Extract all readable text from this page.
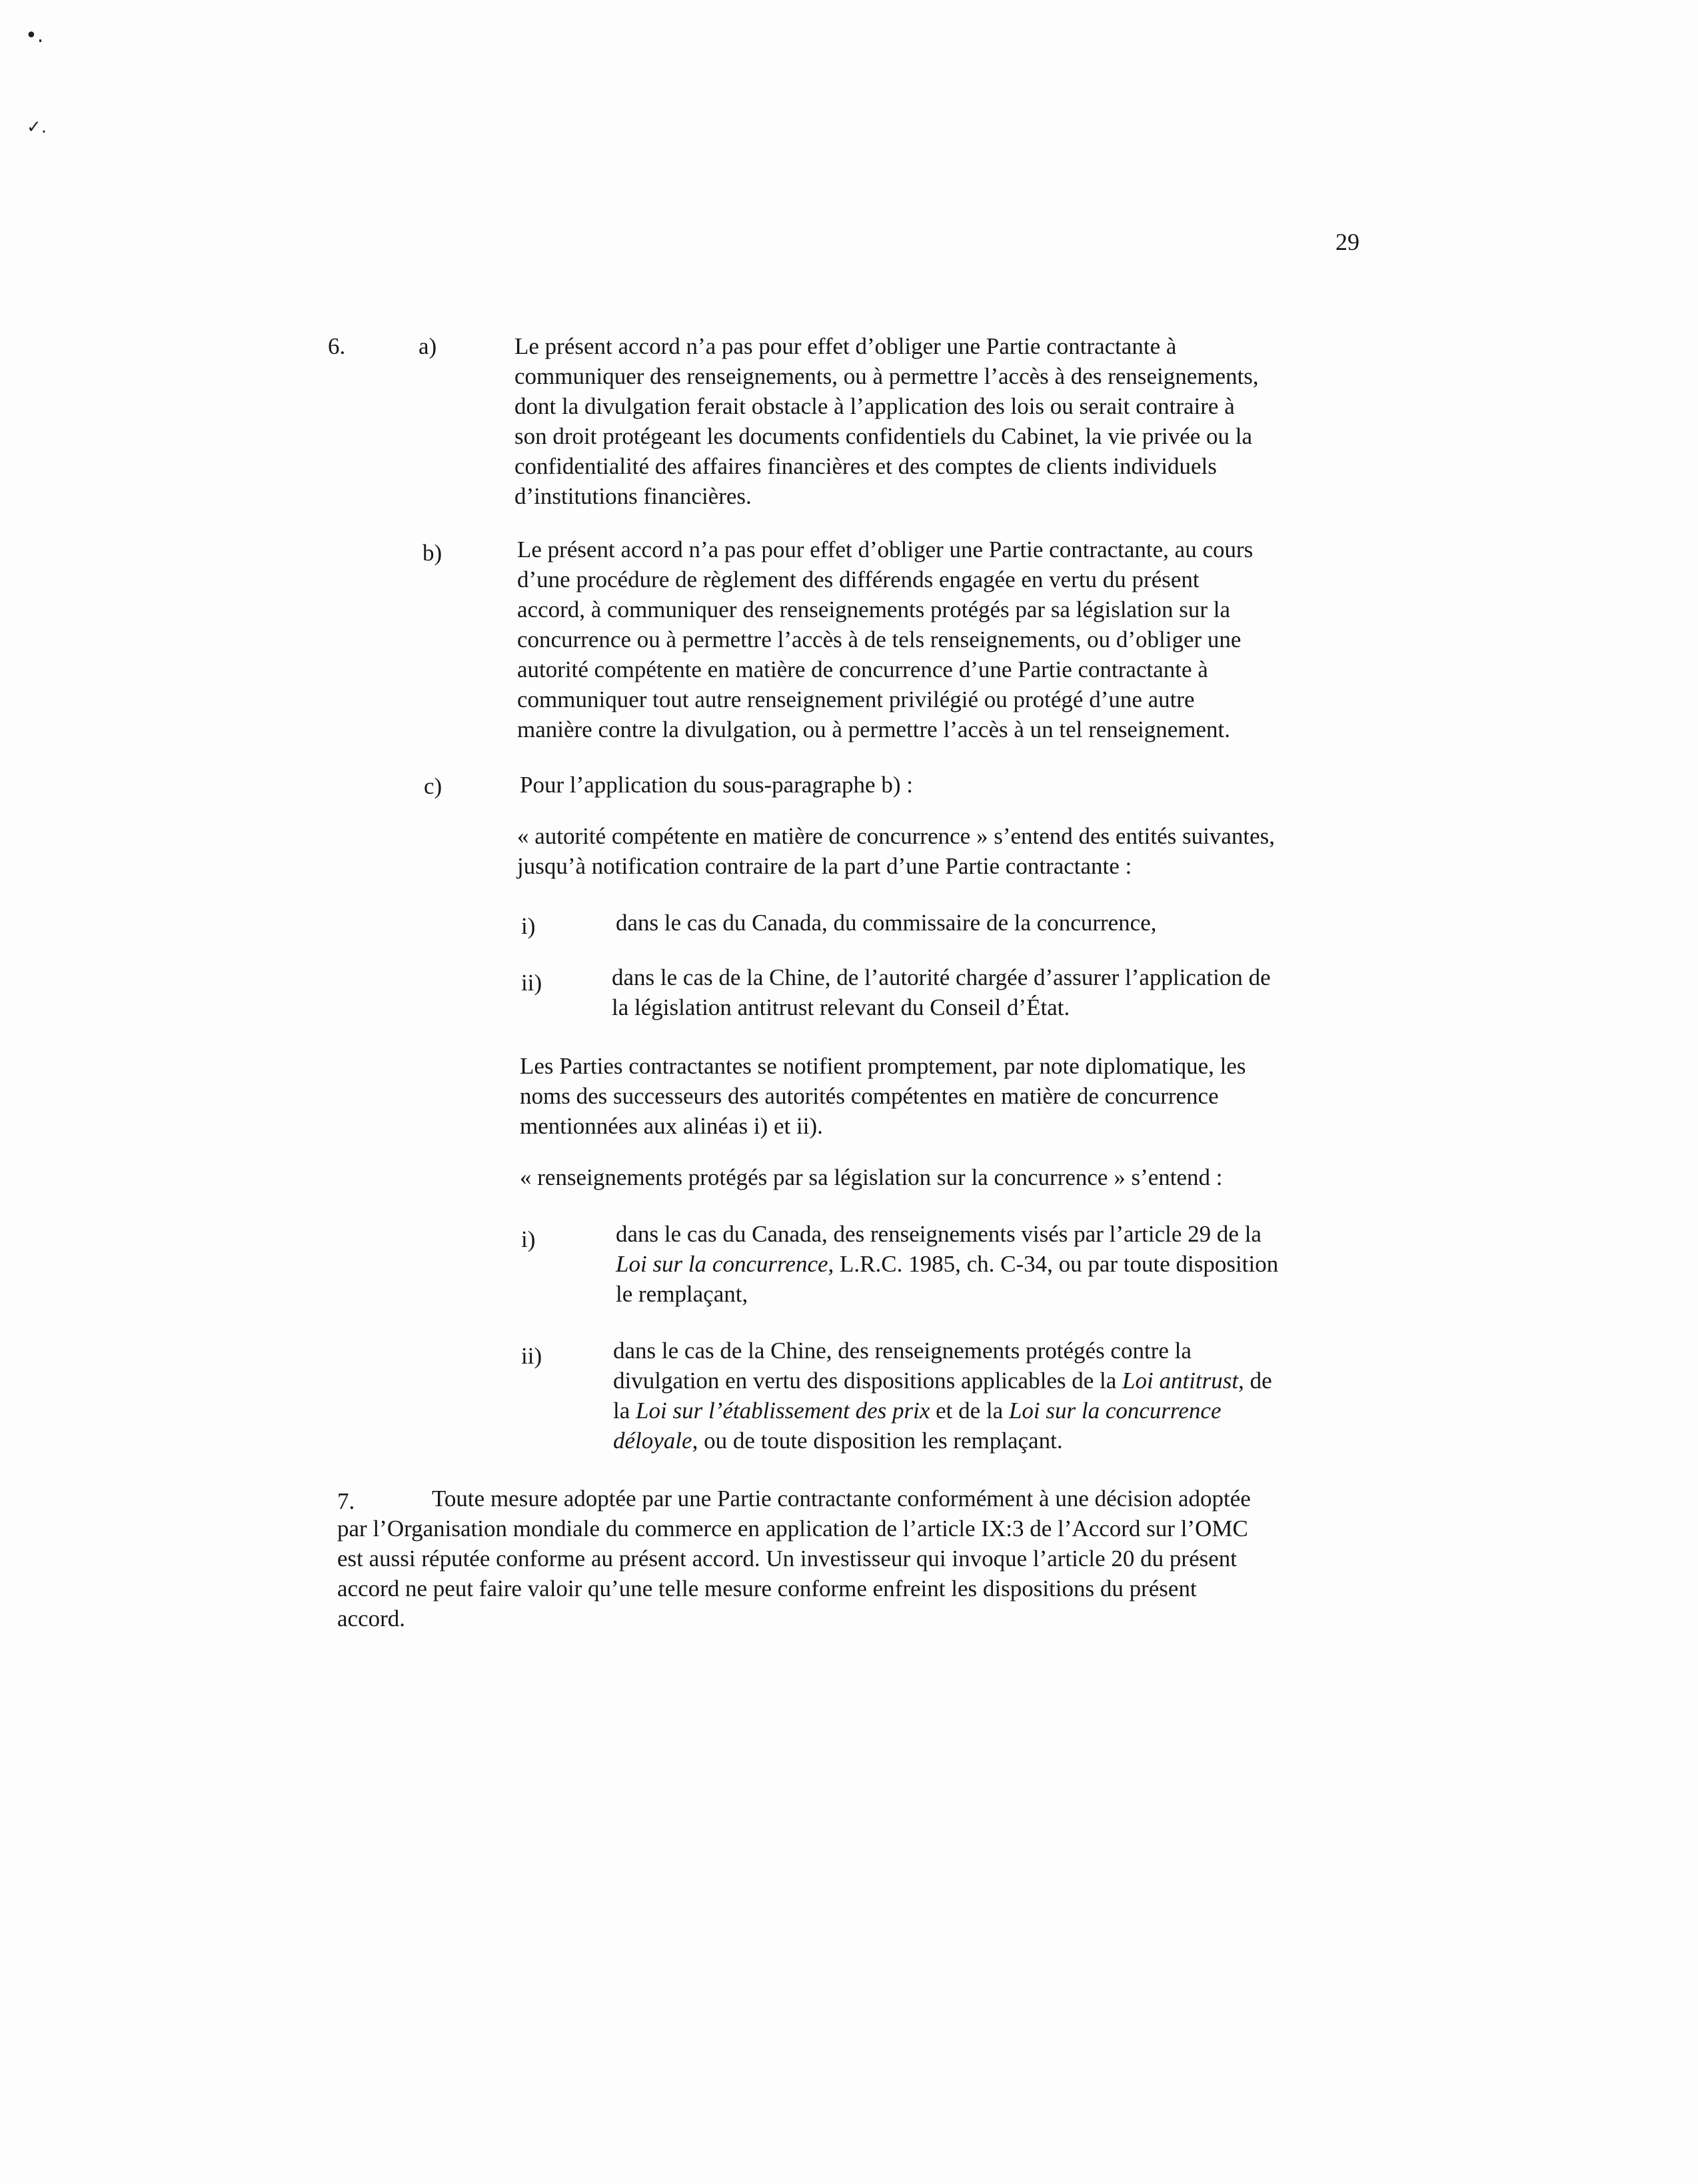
•.
✓.
29
6.	a)	Le présent accord n’a pas pour effet d’obliger une Partie contractante à

communiquer des renseignements, ou à permettre l’accès à des renseignements,

dont la divulgation ferait obstacle à l’application des lois ou serait contraire à

son droit protégeant les documents confidentiels du Cabinet, la vie privée ou la

confidentialité des affaires financières et des comptes de clients individuels

d’institutions financières.

b)	Le présent accord n’a pas pour effet d’obliger une Partie contractante, au cours

d’une procédure de règlement des différends engagée en vertu du présent

accord, à communiquer des renseignements protégés par sa législation sur la

concurrence ou à permettre l’accès à de tels renseignements, ou d’obliger une

autorité compétente en matière de concurrence d’une Partie contractante à

communiquer tout autre renseignement privilégié ou protégé d’une autre

manière contre la divulgation, ou à permettre l’accès à un tel renseignement.

c)	Pour l’application du sous-paragraphe b) :

« autorité compétente en matière de concurrence » s’entend des entités suivantes,

jusqu’à notification contraire de la part d’une Partie contractante :

i)	dans le cas du Canada, du commissaire de la concurrence,

ii)	dans le cas de la Chine, de l’autorité chargée d’assurer l’application de

la législation antitrust relevant du Conseil d’État.

Les Parties contractantes se notifient promptement, par note diplomatique, les

noms des successeurs des autorités compétentes en matière de concurrence

mentionnées aux alinéas i) et ii).

« renseignements protégés par sa législation sur la concurrence » s’entend :

i)	dans le cas du Canada, des renseignements visés par l’article 29 de la

Loi sur la concurrence, L.R.C. 1985, ch. C-34, ou par toute disposition

le remplaçant,

ii)	dans le cas de la Chine, des renseignements protégés contre la

divulgation en vertu des dispositions applicables de la Loi antitrust, de

la Loi sur l’établissement des prix et de la Loi sur la concurrence

déloyale, ou de toute disposition les remplaçant.

7.	Toute mesure adoptée par une Partie contractante conformément à une décision adoptée

par l’Organisation mondiale du commerce en application de l’article IX:3 de l’Accord sur l’OMC

est aussi réputée conforme au présent accord. Un investisseur qui invoque l’article 20 du présent

accord ne peut faire valoir qu’une telle mesure conforme enfreint les dispositions du présent

accord.
